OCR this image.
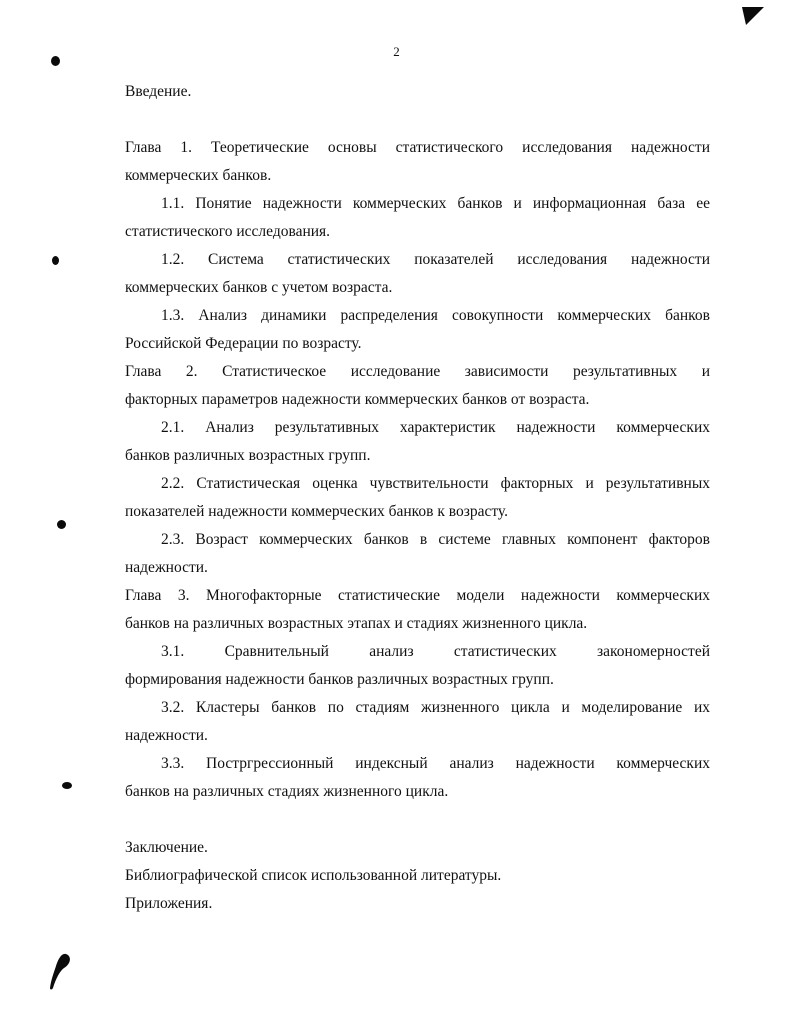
2
Введение.
Глава 1. Теоретические основы статистического исследования надежности
коммерческих банков.
1.1. Понятие надежности коммерческих банков и информационная база ее
статистического исследования.
1.2. Система статистических показателей исследования надежности
коммерческих банков с учетом возраста.
1.3. Анализ динамики распределения совокупности коммерческих банков
Российской Федерации по возрасту.
Глава 2. Статистическое исследование зависимости результативных и
факторных параметров надежности коммерческих банков от возраста.
2.1. Анализ результативных характеристик надежности коммерческих
банков различных возрастных групп.
2.2. Статистическая оценка чувствительности факторных и результативных
показателей надежности коммерческих банков к возрасту.
2.3. Возраст коммерческих банков в системе главных компонент факторов
надежности.
Глава 3. Многофакторные статистические модели надежности коммерческих
банков на различных возрастных этапах и стадиях жизненного цикла.
3.1. Сравнительный анализ статистических закономерностей
формирования надежности банков различных возрастных групп.
3.2. Кластеры банков по стадиям жизненного цикла и моделирование их
надежности.
3.3. Постргрессионный индексный анализ надежности коммерческих
банков на различных стадиях жизненного цикла.
Заключение.
Библиографической список использованной литературы.
Приложения.
